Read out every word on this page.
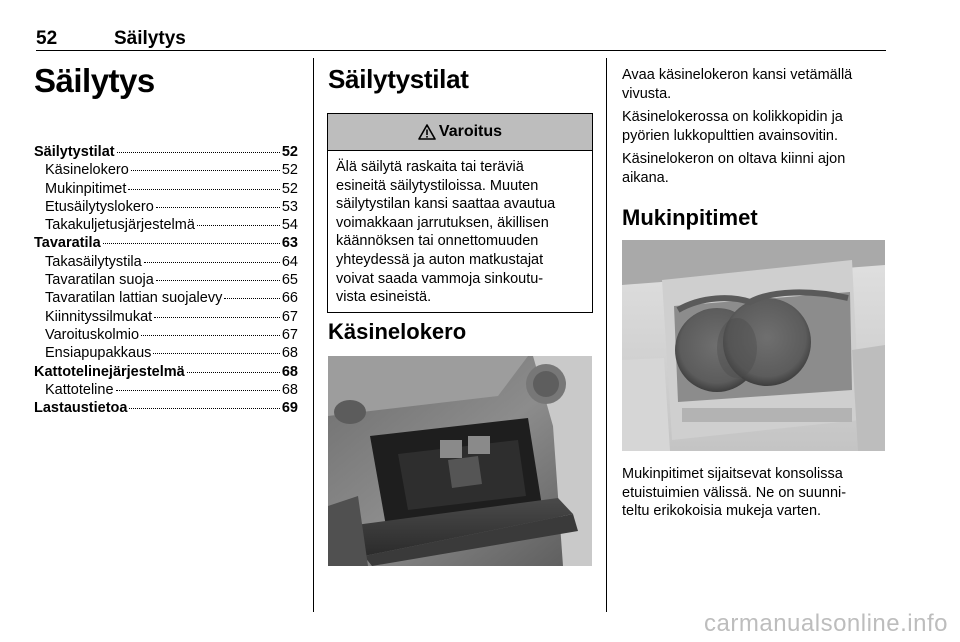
52	Säilytys
Säilytys
Säilytystilat	52
Käsinelokero	52
Mukinpitimet	52
Etusäilytyslokero	53
Takakuljetusjärjestelmä	54
Tavaratila	63
Takasäilytystila	64
Tavaratilan suoja	65
Tavaratilan lattian suojalevy	66
Kiinnityssilmukat	67
Varoituskolmio	67
Ensiapupakkaus	68
Kattotelinejärjestelmä	68
Kattoteline	68
Lastaustietoa	69
Säilytystilat
Varoitus
Älä säilytä raskaita tai teräviä
esineitä säilytystiloissa. Muuten
säilytystilan kansi saattaa avautua
voimakkaan jarrutuksen, äkillisen
käännöksen tai onnettomuuden
yhteydessä ja auton matkustajat
voivat saada vammoja sinkoutu-
vista esineistä.
Käsinelokero
Avaa käsinelokeron kansi vetämällä
vivusta.
Käsinelokerossa on kolikkopidin ja
pyörien lukkopulttien avainsovitin.
Käsinelokeron on oltava kiinni ajon
aikana.
Mukinpitimet
Mukinpitimet sijaitsevat konsolissa
etuistuimien välissä. Ne on suunni-
teltu erikokoisia mukeja varten.
carmanualsonline.info
